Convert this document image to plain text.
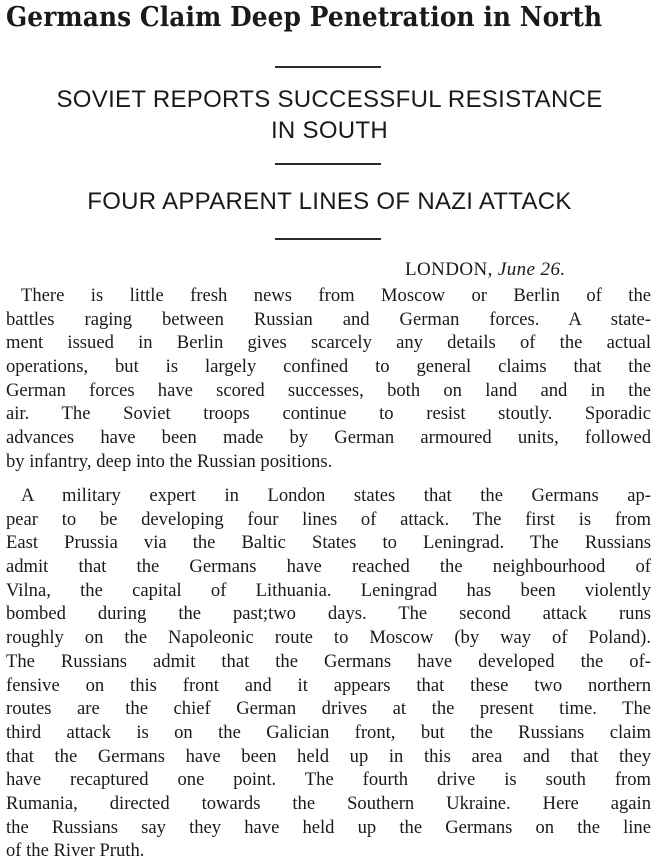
Germans Claim Deep Penetration in North
SOVIET REPORTS SUCCESSFUL RESISTANCE
IN SOUTH
FOUR APPARENT LINES OF NAZI ATTACK
LONDON, June 26.
There is little fresh news from Moscow or Berlin of the
battles raging between Russian and German forces. A state-
ment issued in Berlin gives scarcely any details of the actual
operations, but is largely confined to general claims that the
German forces have scored successes, both on land and in the
air. The Soviet troops continue to resist stoutly. Sporadic
advances have been made by German armoured units, followed
by infantry, deep into the Russian positions.
A military expert in London states that the Germans ap-
pear to be developing four lines of attack. The first is from
East Prussia via the Baltic States to Leningrad. The Russians
admit that the Germans have reached the neighbourhood of
Vilna, the capital of Lithuania. Leningrad has been violently
bombed during the past;two days. The second attack runs
roughly on the Napoleonic route to Moscow (by way of Poland).
The Russians admit that the Germans have developed the of-
fensive on this front and it appears that these two northern
routes are the chief German drives at the present time. The
third attack is on the Galician front, but the Russians claim
that the Germans have been held up in this area and that they
have recaptured one point. The fourth drive is south from
Rumania, directed towards the Southern Ukraine. Here again
the Russians say they have held up the Germans on the line
of the River Pruth.
